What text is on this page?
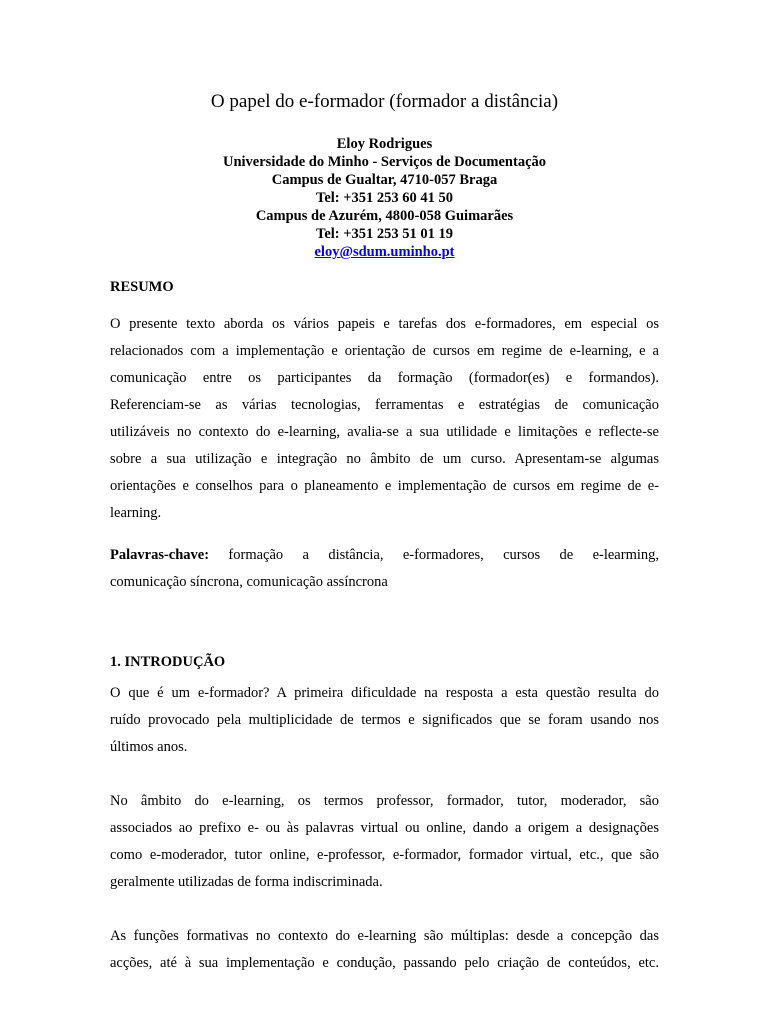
O papel do e-formador (formador a distância)
Eloy Rodrigues
Universidade do Minho - Serviços de Documentação
Campus de Gualtar, 4710-057 Braga
Tel: +351 253 60 41 50
Campus de Azurém, 4800-058 Guimarães
Tel: +351 253 51 01 19
eloy@sdum.uminho.pt
RESUMO
O presente texto aborda os vários papeis e tarefas dos e-formadores, em especial os
relacionados com a implementação e orientação de cursos em regime de e-learning, e a
comunicação entre os participantes da formação (formador(es) e formandos).
Referenciam-se as várias tecnologias, ferramentas e estratégias de comunicação
utilizáveis no contexto do e-learning, avalia-se a sua utilidade e limitações e reflecte-se
sobre a sua utilização e integração no âmbito de um curso. Apresentam-se algumas
orientações e conselhos para o planeamento e implementação de cursos em regime de e-
learning.
Palavras-chave: formação a distância, e-formadores, cursos de e-learming,
comunicação síncrona, comunicação assíncrona
1. INTRODUÇÃO
O que é um e-formador? A primeira dificuldade na resposta a esta questão resulta do
ruído provocado pela multiplicidade de termos e significados que se foram usando nos
últimos anos.
No âmbito do e-learning, os termos professor, formador, tutor, moderador, são
associados ao prefixo e- ou às palavras virtual ou online, dando a origem a designações
como e-moderador, tutor online, e-professor, e-formador, formador virtual, etc., que são
geralmente utilizadas de forma indiscriminada.
As funções formativas no contexto do e-learning são múltiplas: desde a concepção das
acções, até à sua implementação e condução, passando pelo criação de conteúdos, etc.
